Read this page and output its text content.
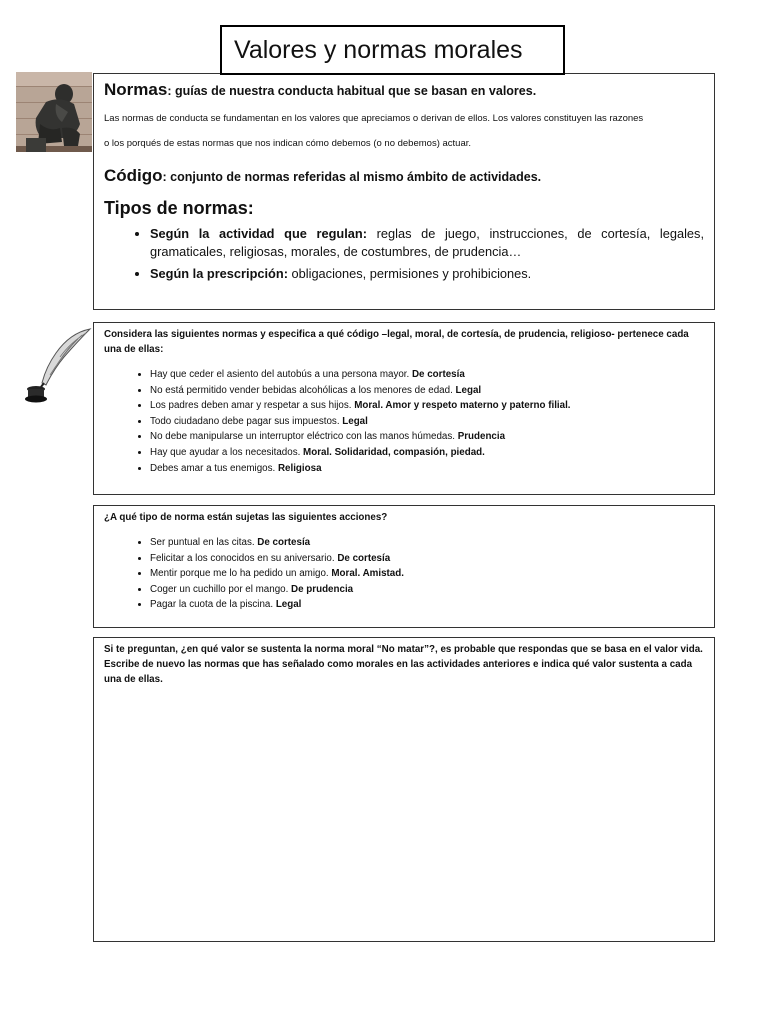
Valores y normas morales

Normas: guías de nuestra conducta habitual que se basan en valores.

Las normas de conducta se fundamentan en los valores que apreciamos o derivan de ellos. Los valores constituyen las razones

o los porqués de estas normas que nos indican cómo debemos (o no debemos) actuar.

Código: conjunto de normas referidas al mismo ámbito de actividades.

Tipos de normas:
• Según la actividad que regulan: reglas de juego, instrucciones, de cortesía, legales, gramaticales, religiosas, morales, de costumbres, de prudencia…
• Según la prescripción: obligaciones, permisiones y prohibiciones.

Considera las siguientes normas y especifica a qué código –legal, moral, de cortesía, de prudencia, religioso- pertenece cada una de ellas:

• Hay que ceder el asiento del autobús a una persona mayor. De cortesía
• No está permitido vender bebidas alcohólicas a los menores de edad. Legal
• Los padres deben amar y respetar a sus hijos. Moral. Amor y respeto materno y paterno filial.
• Todo ciudadano debe pagar sus impuestos. Legal
• No debe manipularse un interruptor eléctrico con las manos húmedas. Prudencia
• Hay que ayudar a los necesitados. Moral. Solidaridad, compasión, piedad.
• Debes amar a tus enemigos. Religiosa

¿A qué tipo de norma están sujetas las siguientes acciones?

• Ser puntual en las citas. De cortesía
• Felicitar a los conocidos en su aniversario. De cortesía
• Mentir porque me lo ha pedido un amigo. Moral. Amistad.
• Coger un cuchillo por el mango. De prudencia
• Pagar la cuota de la piscina. Legal

Si te preguntan, ¿en qué valor se sustenta la norma moral “No matar”?, es probable que respondas que se basa en el valor vida. Escribe de nuevo las normas que has señalado como morales en las actividades anteriores e indica qué valor sustenta a cada una de ellas.
